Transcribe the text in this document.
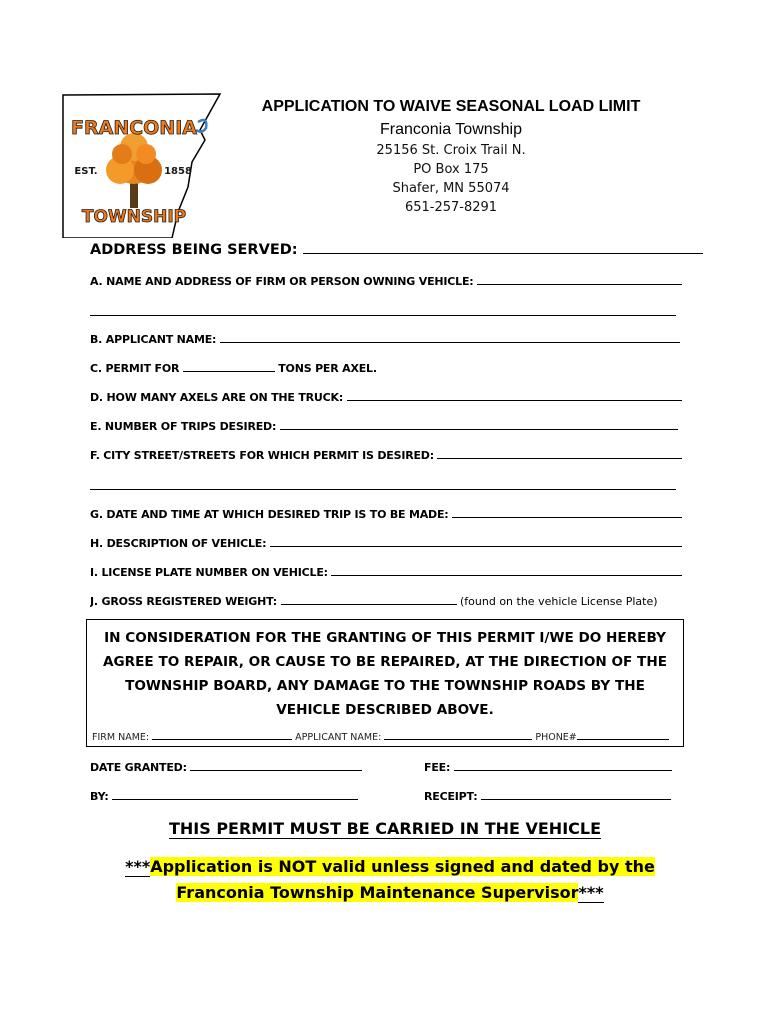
FRANCONIA
TOWNSHIP
EST.	1858
APPLICATION TO WAIVE SEASONAL LOAD LIMIT
Franconia Township
25156 St. Croix Trail N.
PO Box 175
Shafer, MN 55074
651-257-8291
ADDRESS BEING SERVED:
A. NAME AND ADDRESS OF FIRM OR PERSON OWNING VEHICLE:
B. APPLICANT NAME:
C. PERMIT FOR	TONS PER AXEL.
D. HOW MANY AXELS ARE ON THE TRUCK:
E. NUMBER OF TRIPS DESIRED:
F. CITY STREET/STREETS FOR WHICH PERMIT IS DESIRED:
G. DATE AND TIME AT WHICH DESIRED TRIP IS TO BE MADE:
H. DESCRIPTION OF VEHICLE:
I. LICENSE PLATE NUMBER ON VEHICLE:
J. GROSS REGISTERED WEIGHT:	(found on the vehicle License Plate)
IN CONSIDERATION FOR THE GRANTING OF THIS PERMIT I/WE DO HEREBY AGREE TO REPAIR, OR CAUSE TO BE REPAIRED, AT THE DIRECTION OF THE TOWNSHIP BOARD, ANY DAMAGE TO THE TOWNSHIP ROADS BY THE VEHICLE DESCRIBED ABOVE.
FIRM NAME:	APPLICANT NAME:	PHONE#
DATE GRANTED:	FEE:
BY:	RECEIPT:
THIS PERMIT MUST BE CARRIED IN THE VEHICLE
***Application is NOT valid unless signed and dated by the Franconia Township Maintenance Supervisor***
